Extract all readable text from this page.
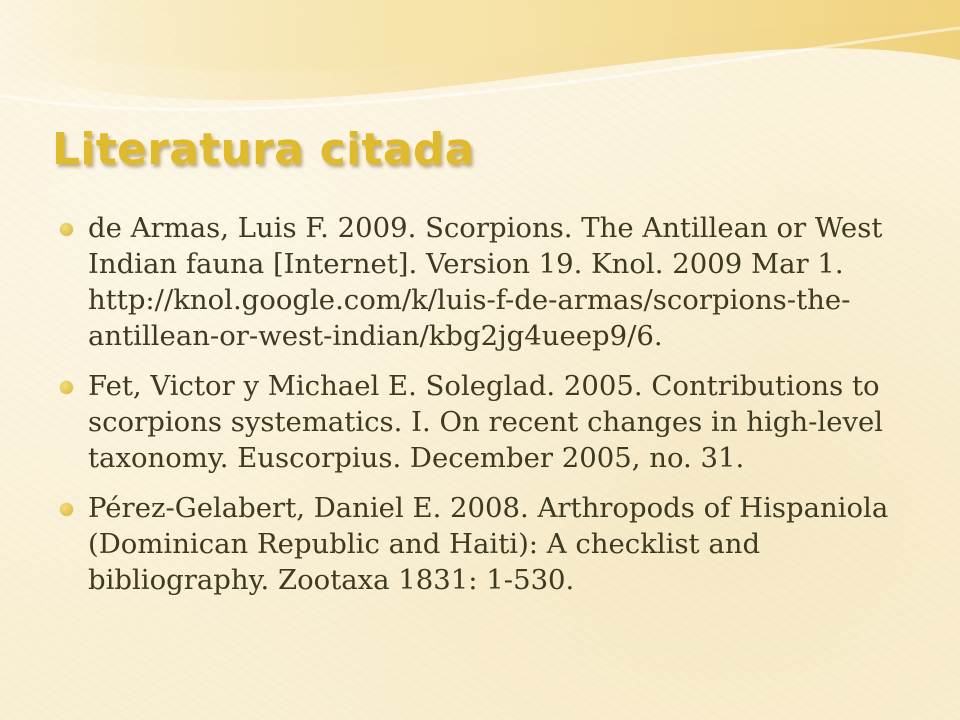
Literatura citada
de Armas, Luis F. 2009. Scorpions. The Antillean or West Indian fauna [Internet]. Version 19. Knol. 2009 Mar 1. http://knol.google.com/k/luis-f-de-armas/scorpions-the-antillean-or-west-indian/kbg2jg4ueep9/6.
Fet, Victor y Michael E. Soleglad. 2005. Contributions to scorpions systematics. I. On recent changes in high-level taxonomy. Euscorpius. December 2005, no. 31.
Pérez-Gelabert, Daniel E. 2008. Arthropods of Hispaniola (Dominican Republic and Haiti): A checklist and bibliography. Zootaxa 1831: 1-530.
